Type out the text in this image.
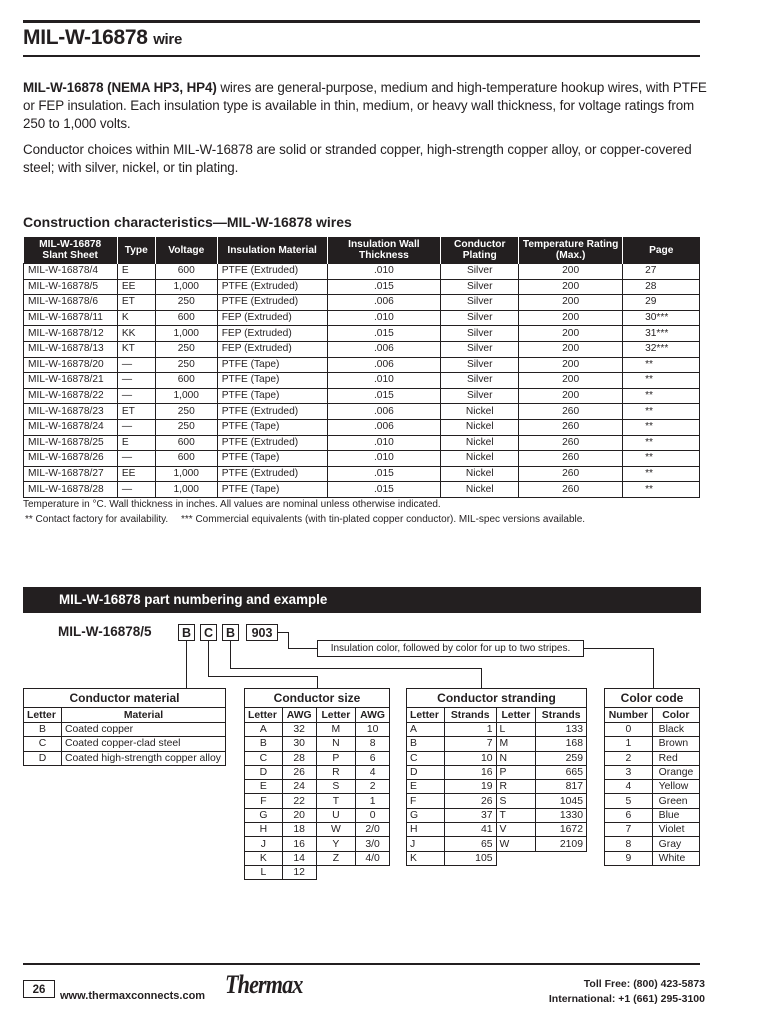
MIL-W-16878 wire
MIL-W-16878 (NEMA HP3, HP4) wires are general-purpose, medium and high-temperature hookup wires, with PTFE or FEP insulation. Each insulation type is available in thin, medium, or heavy wall thickness, for voltage ratings from 250 to 1,000 volts.
Conductor choices within MIL-W-16878 are solid or stranded copper, high-strength copper alloy, or copper-covered steel; with silver, nickel, or tin plating.
Construction characteristics—MIL-W-16878 wires
MIL-W-16878 Slant Sheet	Type	Voltage	Insulation Material	Insulation Wall Thickness	Conductor Plating	Temperature Rating (Max.)	Page
MIL-W-16878/4	E	600	PTFE (Extruded)	.010	Silver	200	27
MIL-W-16878/5	EE	1,000	PTFE (Extruded)	.015	Silver	200	28
MIL-W-16878/6	ET	250	PTFE (Extruded)	.006	Silver	200	29
MIL-W-16878/11	K	600	FEP (Extruded)	.010	Silver	200	30***
MIL-W-16878/12	KK	1,000	FEP (Extruded)	.015	Silver	200	31***
MIL-W-16878/13	KT	250	FEP (Extruded)	.006	Silver	200	32***
MIL-W-16878/20	—	250	PTFE (Tape)	.006	Silver	200	**
MIL-W-16878/21	—	600	PTFE (Tape)	.010	Silver	200	**
MIL-W-16878/22	—	1,000	PTFE (Tape)	.015	Silver	200	**
MIL-W-16878/23	ET	250	PTFE (Extruded)	.006	Nickel	260	**
MIL-W-16878/24	—	250	PTFE (Tape)	.006	Nickel	260	**
MIL-W-16878/25	E	600	PTFE (Extruded)	.010	Nickel	260	**
MIL-W-16878/26	—	600	PTFE (Tape)	.010	Nickel	260	**
MIL-W-16878/27	EE	1,000	PTFE (Extruded)	.015	Nickel	260	**
MIL-W-16878/28	—	1,000	PTFE (Tape)	.015	Nickel	260	**
Temperature in °C. Wall thickness in inches. All values are nominal unless otherwise indicated.
** Contact factory for availability. *** Commercial equivalents (with tin-plated copper conductor). MIL-spec versions available.
MIL-W-16878 part numbering and example
MIL-W-16878/5	B	C	B	903
Insulation color, followed by color for up to two stripes.
Conductor material	
Letter	Material
B	Coated copper
C	Coated copper-clad steel
D	Coated high-strength copper alloy
Conductor size			
Letter	AWG	Letter	AWG
A	32	M	10
B	30	N	8
C	28	P	6
D	26	R	4
E	24	S	2
F	22	T	1
G	20	U	0
H	18	W	2/0
J	16	Y	3/0
K	14	Z	4/0
L	12		
Conductor stranding			
Letter	Strands	Letter	Strands
A	1	L	133
B	7	M	168
C	10	N	259
D	16	P	665
E	19	R	817
F	26	S	1045
G	37	T	1330
H	41	V	1672
J	65	W	2109
K	105		
Color code	
Number	Color
0	Black
1	Brown
2	Red
3	Orange
4	Yellow
5	Green
6	Blue
7	Violet
8	Gray
9	White
26	www.thermaxconnects.com Thermax	Toll Free: (800) 423-5873
International: +1 (661) 295-3100
